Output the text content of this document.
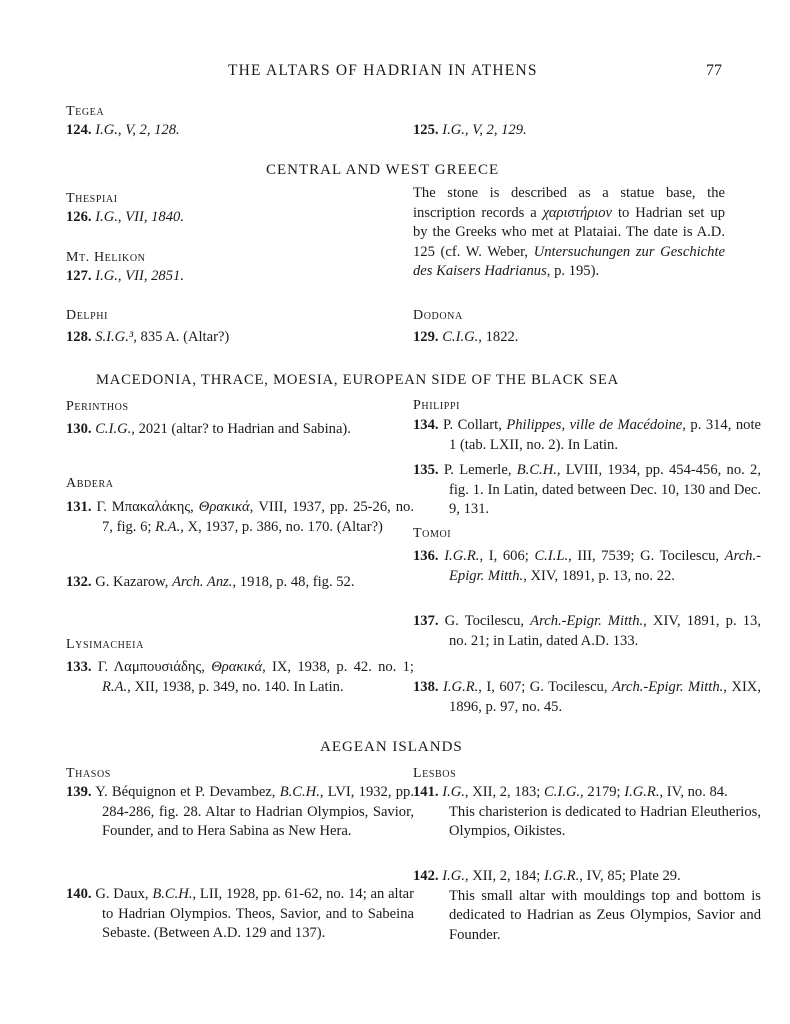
THE ALTARS OF HADRIAN IN ATHENS	77
Tegea
124. I.G., V, 2, 128.	125. I.G., V, 2, 129.
CENTRAL AND WEST GREECE
Thespiai
126. I.G., VII, 1840.
Mt. Helikon
127. I.G., VII, 2851.
The stone is described as a statue base, the inscription records a χαριστήριον to Hadrian set up by the Greeks who met at Plataiai. The date is A.D. 125 (cf. W. Weber, Untersuchungen zur Geschichte des Kaisers Hadrianus, p. 195).
Delphi
128. S.I.G.³, 835 A. (Altar?)
Dodona
129. C.I.G., 1822.
MACEDONIA, THRACE, MOESIA, EUROPEAN SIDE OF THE BLACK SEA
Perinthos
130. C.I.G., 2021 (altar? to Hadrian and Sabina).
Abdera
131. Γ. Μπακαλάκης, Θρακικά, VIII, 1937, pp. 25-26, no. 7, fig. 6; R.A., X, 1937, p. 386, no. 170. (Altar?)
132. G. Kazarow, Arch. Anz., 1918, p. 48, fig. 52.
Lysimacheia
133. Γ. Λαμπουσιάδης, Θρακικά, IX, 1938, p. 42. no. 1; R.A., XII, 1938, p. 349, no. 140. In Latin.
Philippi
134. P. Collart, Philippes, ville de Macédoine, p. 314, note 1 (tab. LXII, no. 2). In Latin.
135. P. Lemerle, B.C.H., LVIII, 1934, pp. 454-456, no. 2, fig. 1. In Latin, dated between Dec. 10, 130 and Dec. 9, 131.
Tomoi
136. I.G.R., I, 606; C.I.L., III, 7539; G. Tocilescu, Arch.-Epigr. Mitth., XIV, 1891, p. 13, no. 22.
137. G. Tocilescu, Arch.-Epigr. Mitth., XIV, 1891, p. 13, no. 21; in Latin, dated A.D. 133.
138. I.G.R., I, 607; G. Tocilescu, Arch.-Epigr. Mitth., XIX, 1896, p. 97, no. 45.
AEGEAN ISLANDS
Thasos
139. Y. Béquignon et P. Devambez, B.C.H., LVI, 1932, pp. 284-286, fig. 28. Altar to Hadrian Olympios, Savior, Founder, and to Hera Sabina as New Hera.
140. G. Daux, B.C.H., LII, 1928, pp. 61-62, no. 14; an altar to Hadrian Olympios. Theos, Savior, and to Sabeina Sebaste. (Between A.D. 129 and 137).
Lesbos
141. I.G., XII, 2, 183; C.I.G., 2179; I.G.R., IV, no. 84.
This charisterion is dedicated to Hadrian Eleutherios, Olympios, Oikistes.
142. I.G., XII, 2, 184; I.G.R., IV, 85; Plate 29.
This small altar with mouldings top and bottom is dedicated to Hadrian as Zeus Olympios, Savior and Founder.
